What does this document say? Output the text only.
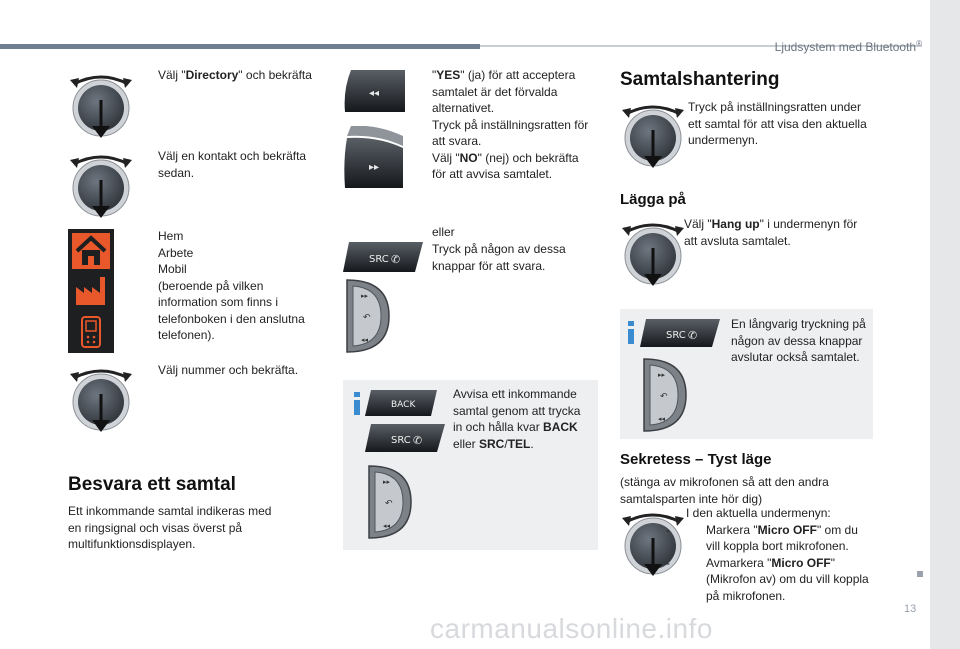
Ljudsystem med Bluetooth®
13
Välj "Directory" och bekräfta
Välj en kontakt och bekräfta sedan.
Hem
Arbete
Mobil
(beroende på vilken information som finns i telefonboken i den anslutna telefonen).
Välj nummer och bekräfta.
Besvara ett samtal
Ett inkommande samtal indikeras med en ringsignal och visas överst på multifunktionsdisplayen.
◂◂
▸▸
"YES" (ja) för att acceptera samtalet är det förvalda alternativet.
Tryck på inställningsratten för att svara.
Välj "NO" (nej) och bekräfta för att avvisa samtalet.
eller
Tryck på någon av dessa knappar för att svara.
SRC ✆
BACK
SRC ✆
Avvisa ett inkommande samtal genom att trycka in och hålla kvar BACK eller SRC/TEL.
Samtalshantering
Tryck på inställningsratten under ett samtal för att visa den aktuella undermenyn.
Lägga på
Välj "Hang up" i undermenyn för att avsluta samtalet.
SRC ✆
En långvarig tryckning på någon av dessa knappar avslutar också samtalet.
Sekretess – Tyst läge
(stänga av mikrofonen så att den andra samtalsparten inte hör dig)
I den aktuella undermenyn:
-	Markera "Micro OFF" om du vill koppla bort mikrofonen.
-	Avmarkera "Micro OFF"(Mikrofon av) om du vill koppla på mikrofonen.
carmanualsonline.info
